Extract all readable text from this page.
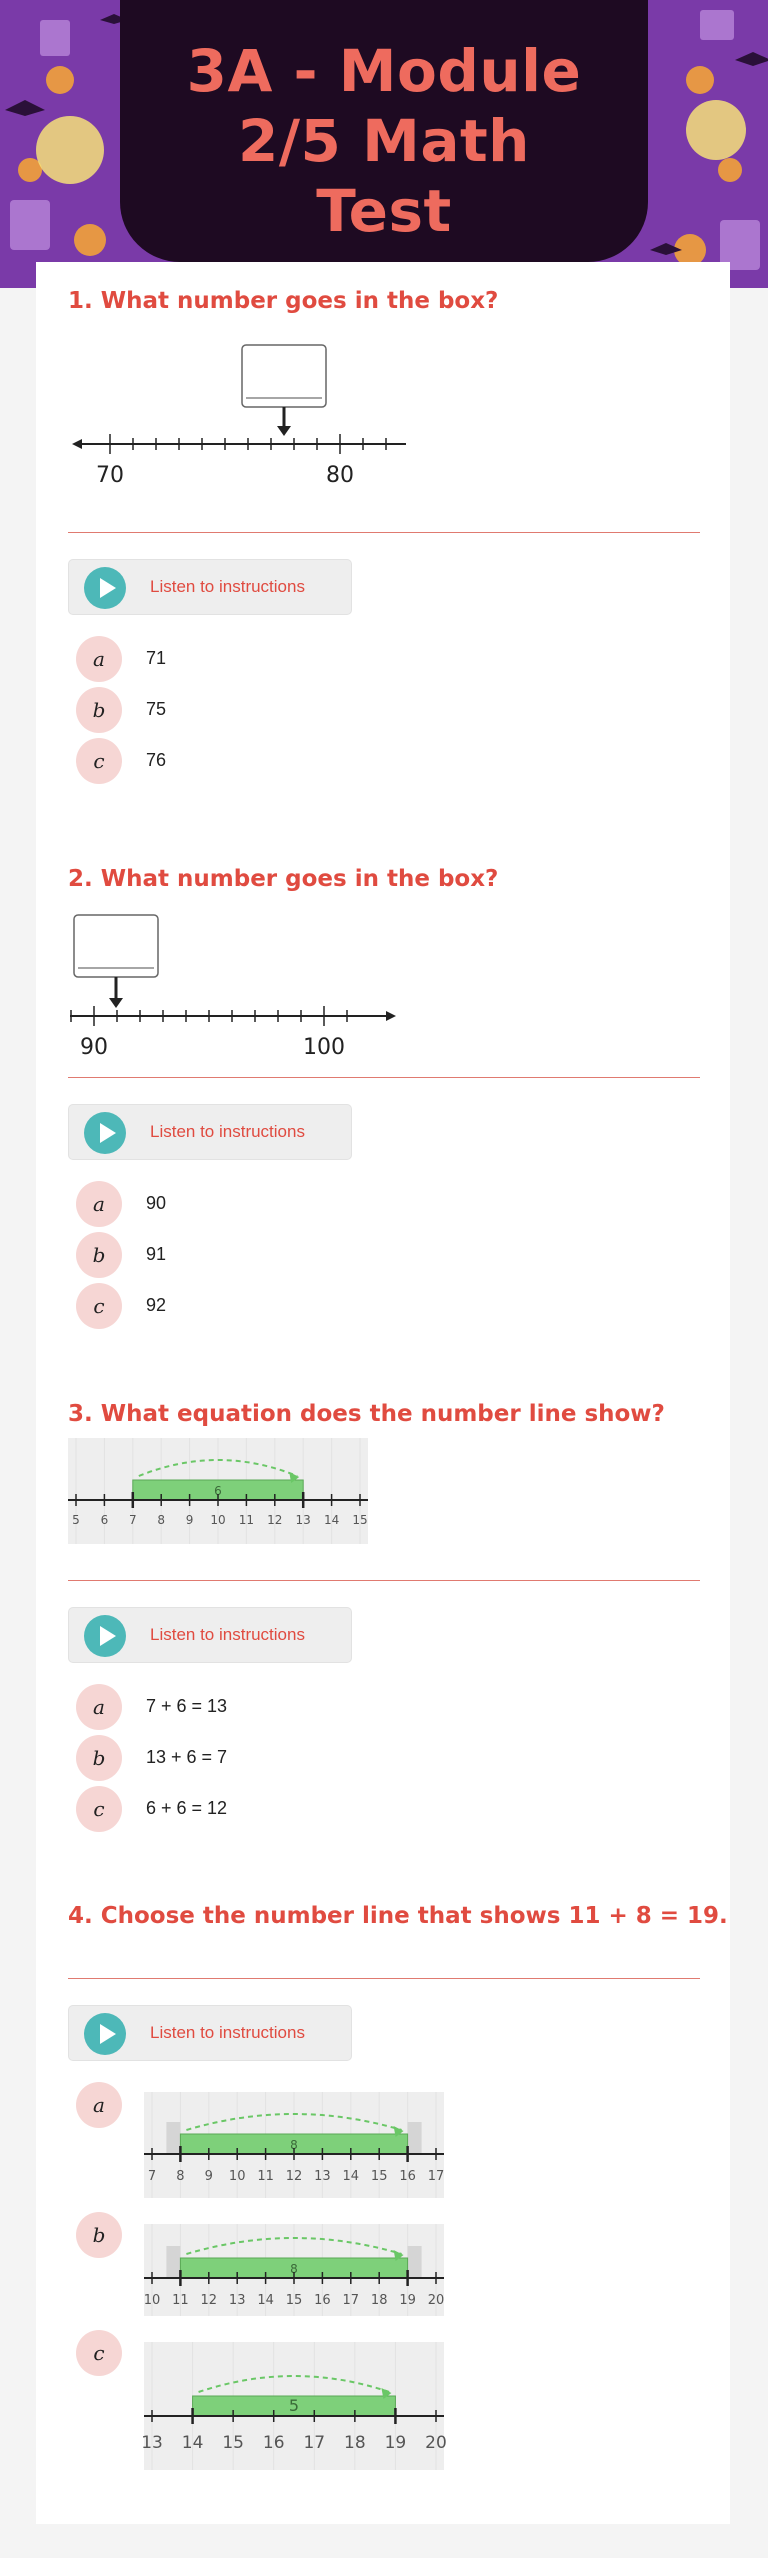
3A - Module
2/5 Math
Test
1. What number goes in the box?
70	80
Listen to instructions
a	71
b	75
c	76
2. What number goes in the box?
90	100
Listen to instructions
a	90
b	91
c	92
3. What equation does the number line show?
6
5 6 7 8 9 10 11 12 13 14 15
Listen to instructions
a	7 + 6 = 13
b	13 + 6 = 7
c	6 + 6 = 12
4. Choose the number line that shows 11 + 8 = 19.
Listen to instructions
a
8
7 8 9 10 11 12 13 14 15 16 17
b
8
10 11 12 13 14 15 16 17 18 19 20
c
5
13 14 15 16 17 18 19 20
